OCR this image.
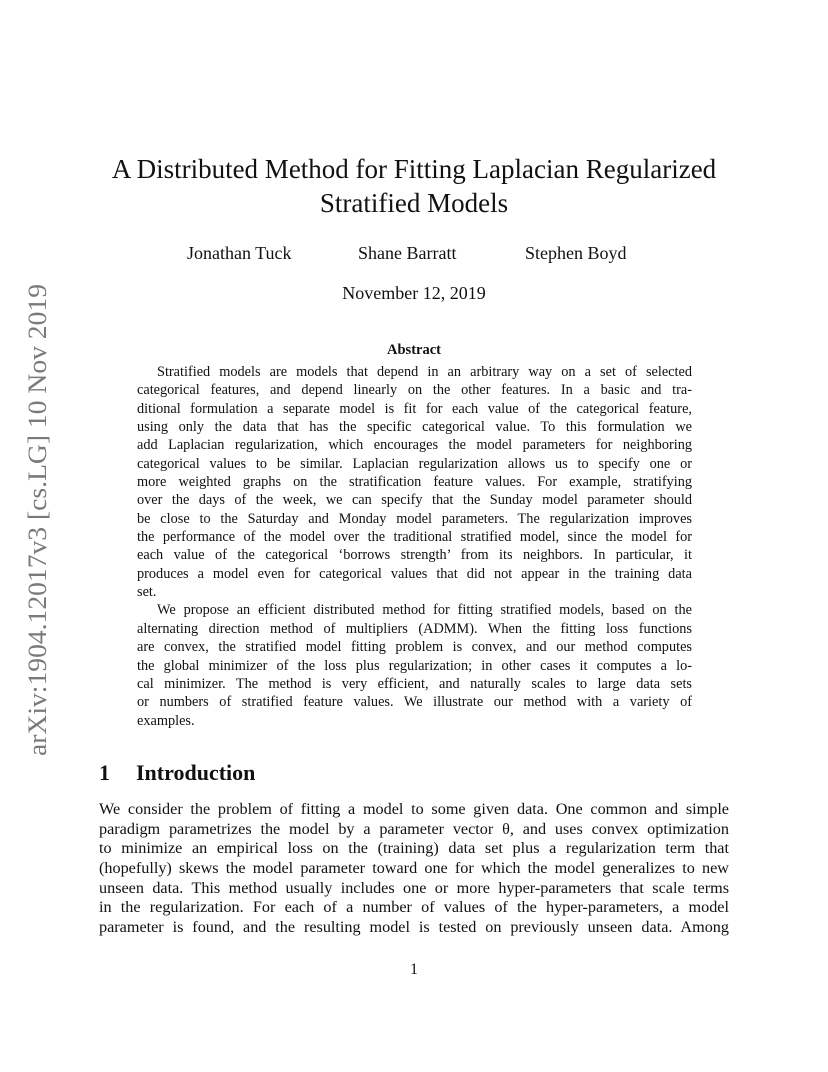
arXiv:1904.12017v3 [cs.LG] 10 Nov 2019
A Distributed Method for Fitting Laplacian Regularized
Stratified Models
Jonathan Tuck	Shane Barratt	Stephen Boyd
November 12, 2019
Abstract

Stratified models are models that depend in an arbitrary way on a set of selected
categorical features, and depend linearly on the other features. In a basic and tra-
ditional formulation a separate model is fit for each value of the categorical feature,
using only the data that has the specific categorical value. To this formulation we
add Laplacian regularization, which encourages the model parameters for neighboring
categorical values to be similar. Laplacian regularization allows us to specify one or
more weighted graphs on the stratification feature values. For example, stratifying
over the days of the week, we can specify that the Sunday model parameter should
be close to the Saturday and Monday model parameters. The regularization improves
the performance of the model over the traditional stratified model, since the model for
each value of the categorical ‘borrows strength’ from its neighbors. In particular, it
produces a model even for categorical values that did not appear in the training data
set.

We propose an efficient distributed method for fitting stratified models, based on the
alternating direction method of multipliers (ADMM). When the fitting loss functions
are convex, the stratified model fitting problem is convex, and our method computes
the global minimizer of the loss plus regularization; in other cases it computes a lo-
cal minimizer. The method is very efficient, and naturally scales to large data sets
or numbers of stratified feature values. We illustrate our method with a variety of
examples.

1 Introduction
We consider the problem of fitting a model to some given data. One common and simple
paradigm parametrizes the model by a parameter vector θ, and uses convex optimization
to minimize an empirical loss on the (training) data set plus a regularization term that
(hopefully) skews the model parameter toward one for which the model generalizes to new
unseen data. This method usually includes one or more hyper-parameters that scale terms
in the regularization. For each of a number of values of the hyper-parameters, a model
parameter is found, and the resulting model is tested on previously unseen data. Among
1
